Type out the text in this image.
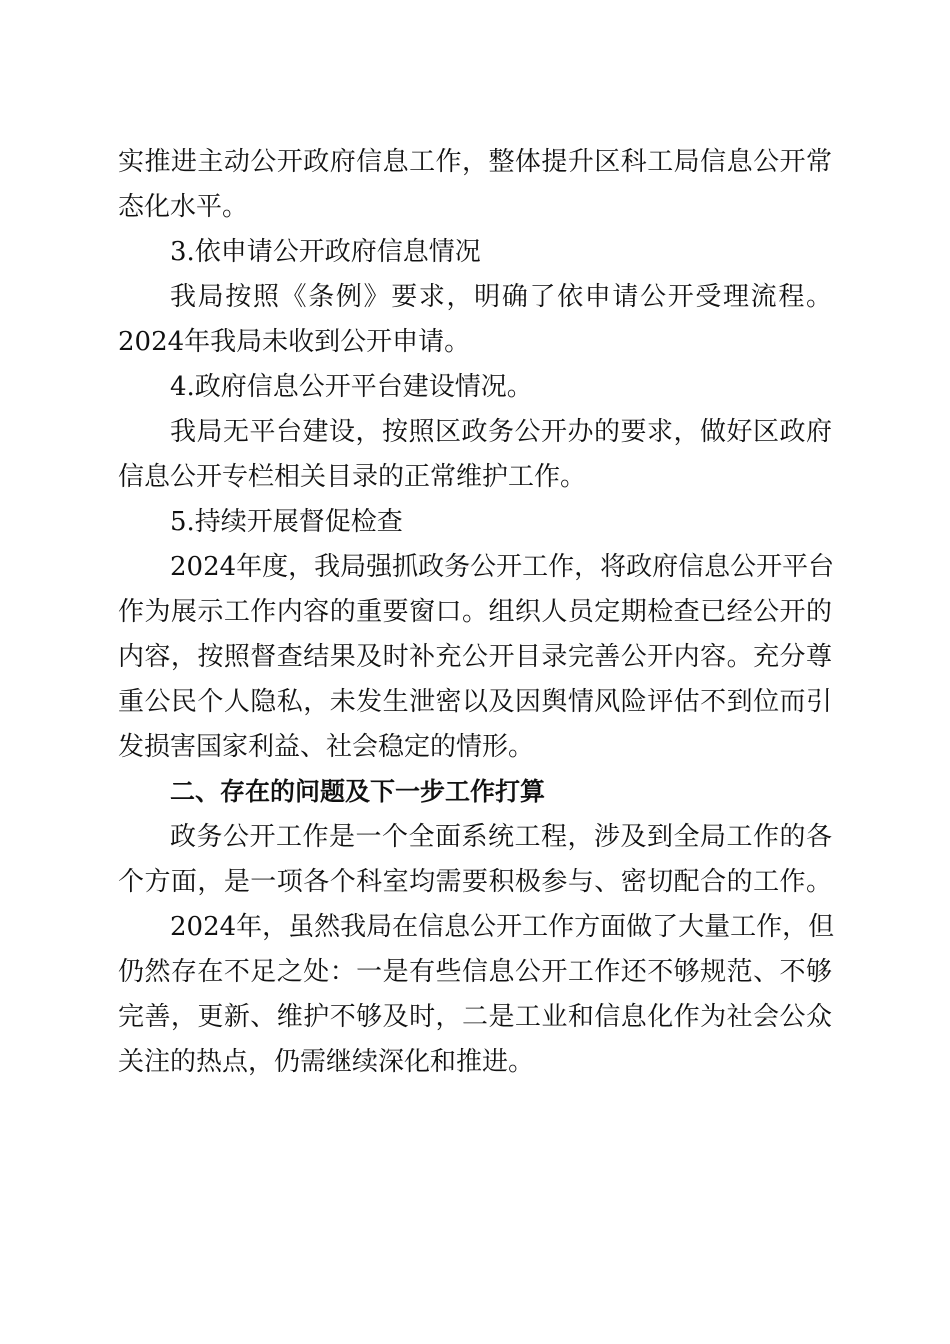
实推进主动公开政府信息工作，整体提升区科工局信息公开常
态化水平。
3.依申请公开政府信息情况
我局按照《条例》要求，明确了依申请公开受理流程。
2024年我局未收到公开申请。
4.政府信息公开平台建设情况。
我局无平台建设，按照区政务公开办的要求，做好区政府
信息公开专栏相关目录的正常维护工作。
5.持续开展督促检查
2024年度，我局强抓政务公开工作，将政府信息公开平台
作为展示工作内容的重要窗口。组织人员定期检查已经公开的
内容，按照督查结果及时补充公开目录完善公开内容。充分尊
重公民个人隐私，未发生泄密以及因舆情风险评估不到位而引
发损害国家利益、社会稳定的情形。
二、存在的问题及下一步工作打算
政务公开工作是一个全面系统工程，涉及到全局工作的各
个方面，是一项各个科室均需要积极参与、密切配合的工作。
2024年，虽然我局在信息公开工作方面做了大量工作，但
仍然存在不足之处：一是有些信息公开工作还不够规范、不够
完善，更新、维护不够及时，二是工业和信息化作为社会公众
关注的热点，仍需继续深化和推进。
